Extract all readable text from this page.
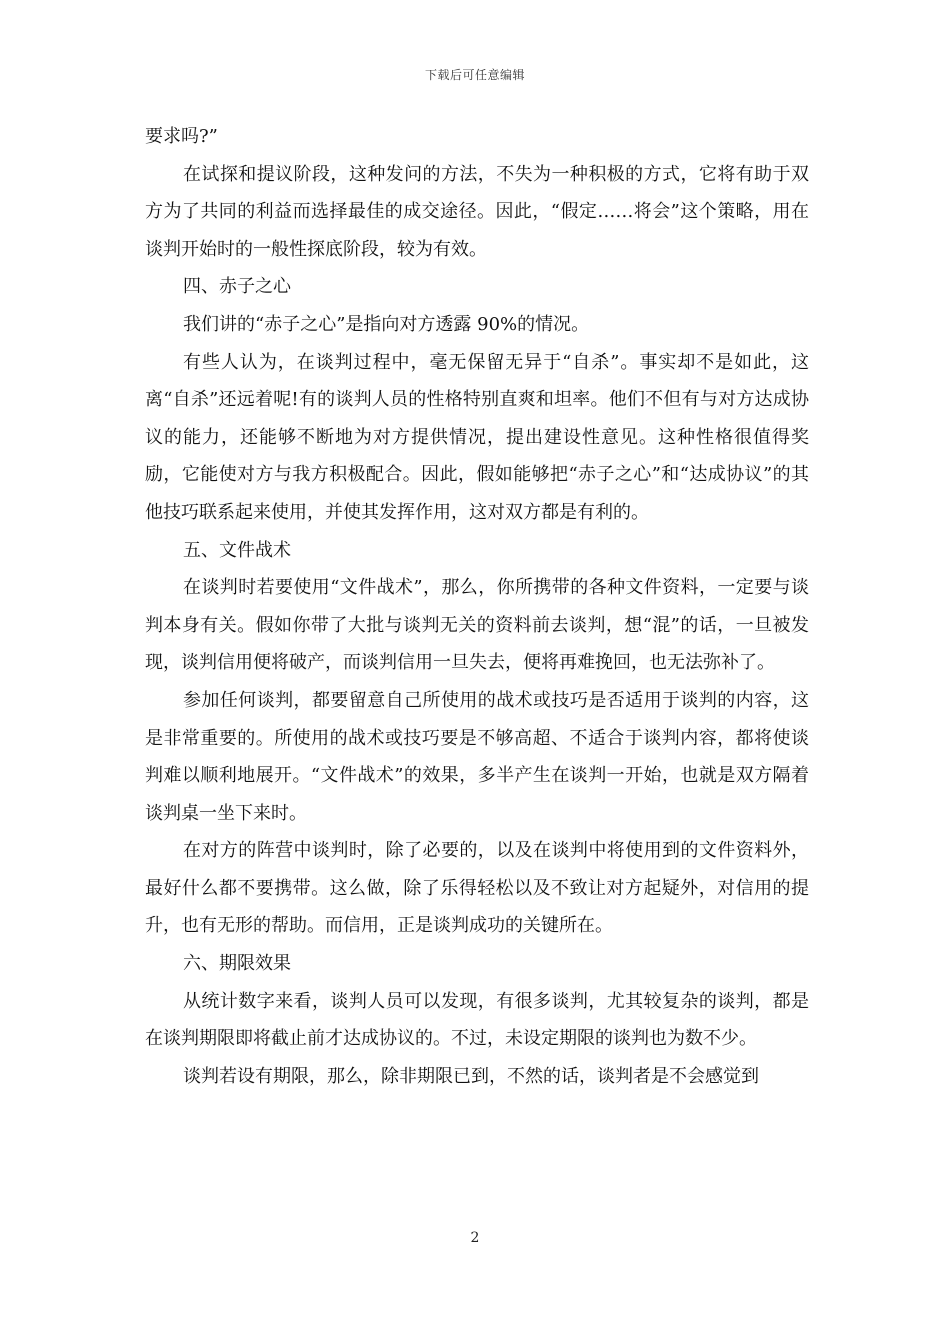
下载后可任意编辑

要求吗?”

在试探和提议阶段，这种发问的方法，不失为一种积极的方式，它将有助于双方为了共同的利益而选择最佳的成交途径。因此，“假定……将会”这个策略，用在谈判开始时的一般性探底阶段，较为有效。

四、赤子之心

我们讲的“赤子之心”是指向对方透露 90%的情况。

有些人认为，在谈判过程中，毫无保留无异于“自杀”。事实却不是如此，这离“自杀”还远着呢!有的谈判人员的性格特别直爽和坦率。他们不但有与对方达成协议的能力，还能够不断地为对方提供情况，提出建设性意见。这种性格很值得奖励，它能使对方与我方积极配合。因此，假如能够把“赤子之心”和“达成协议”的其他技巧联系起来使用，并使其发挥作用，这对双方都是有利的。

五、文件战术

在谈判时若要使用“文件战术”，那么，你所携带的各种文件资料，一定要与谈判本身有关。假如你带了大批与谈判无关的资料前去谈判，想“混”的话，一旦被发现，谈判信用便将破产，而谈判信用一旦失去，便将再难挽回，也无法弥补了。

参加任何谈判，都要留意自己所使用的战术或技巧是否适用于谈判的内容，这是非常重要的。所使用的战术或技巧要是不够高超、不适合于谈判内容，都将使谈判难以顺利地展开。“文件战术”的效果，多半产生在谈判一开始，也就是双方隔着谈判桌一坐下来时。

在对方的阵营中谈判时，除了必要的，以及在谈判中将使用到的文件资料外，最好什么都不要携带。这么做，除了乐得轻松以及不致让对方起疑外，对信用的提升，也有无形的帮助。而信用，正是谈判成功的关键所在。

六、期限效果

从统计数字来看，谈判人员可以发现，有很多谈判，尤其较复杂的谈判，都是在谈判期限即将截止前才达成协议的。不过，未设定期限的谈判也为数不少。

谈判若设有期限，那么，除非期限已到，不然的话，谈判者是不会感觉到

2
